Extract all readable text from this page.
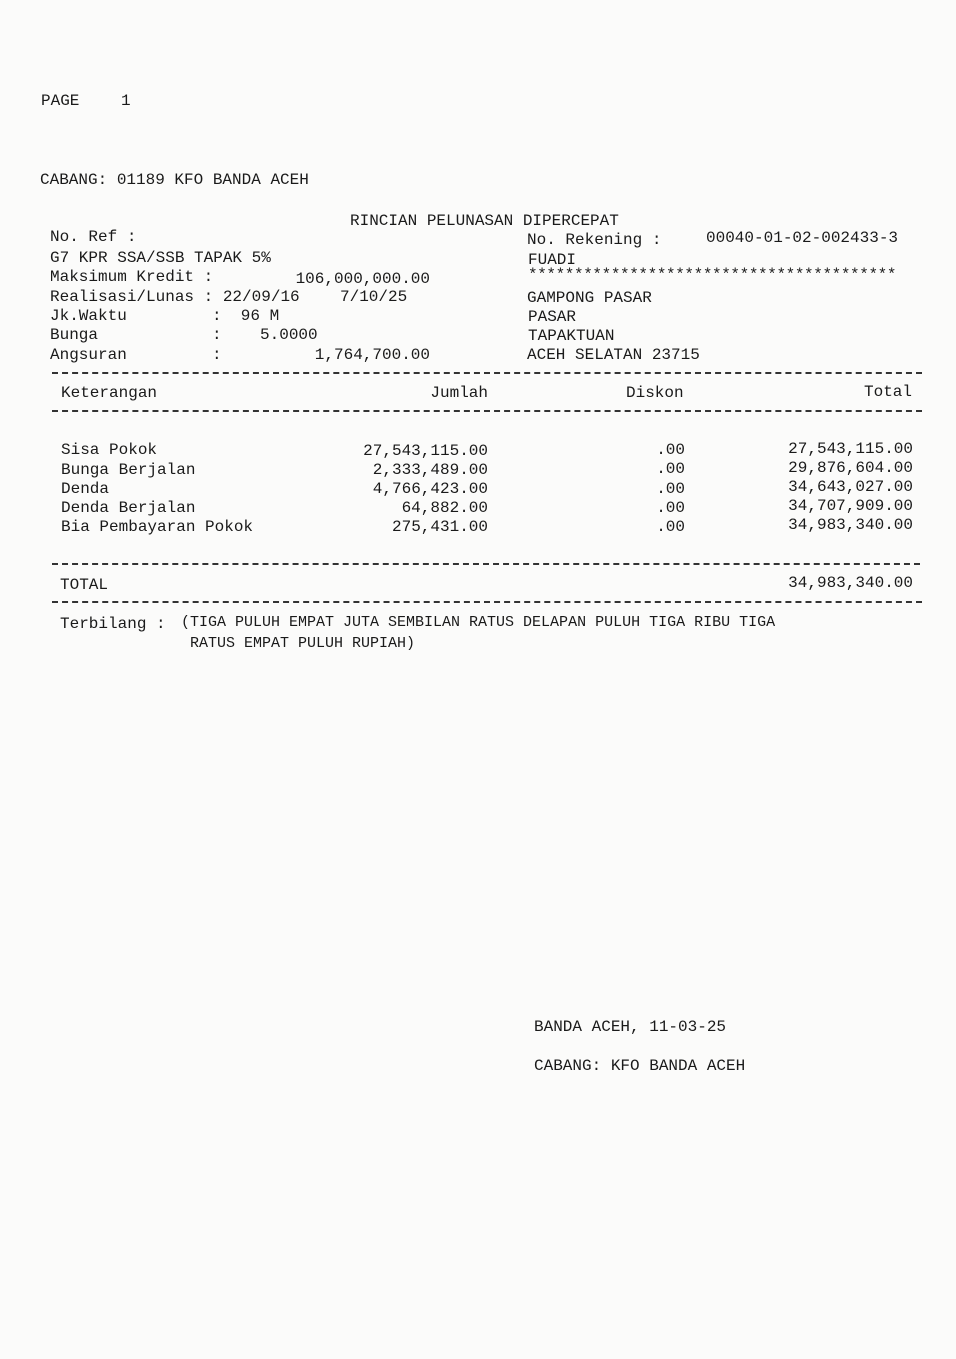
PAGE	1
CABANG: 01189 KFO BANDA ACEH
RINCIAN PELUNASAN DIPERCEPAT
No. Ref :
G7 KPR SSA/SSB TAPAK 5%
Maksimum Kredit :	106,000,000.00
Realisasi/Lunas : 22/09/16	7/10/25
Jk.Waktu	:  96 M
Bunga	:    5.0000
Angsuran	:	1,764,700.00
No. Rekening :	00040-01-02-002433-3
FUADI
****************************************
GAMPONG PASAR
PASAR
TAPAKTUAN
ACEH SELATAN 23715
Keterangan	Jumlah	Diskon	Total
Sisa Pokok	27,543,115.00	.00	27,543,115.00
Bunga Berjalan	2,333,489.00	.00	29,876,604.00
Denda	4,766,423.00	.00	34,643,027.00
Denda Berjalan	64,882.00	.00	34,707,909.00
Bia Pembayaran Pokok	275,431.00	.00	34,983,340.00
TOTAL	34,983,340.00
Terbilang : (TIGA PULUH EMPAT JUTA SEMBILAN RATUS DELAPAN PULUH TIGA RIBU TIGA
RATUS EMPAT PULUH RUPIAH)
BANDA ACEH, 11-03-25
CABANG: KFO BANDA ACEH
